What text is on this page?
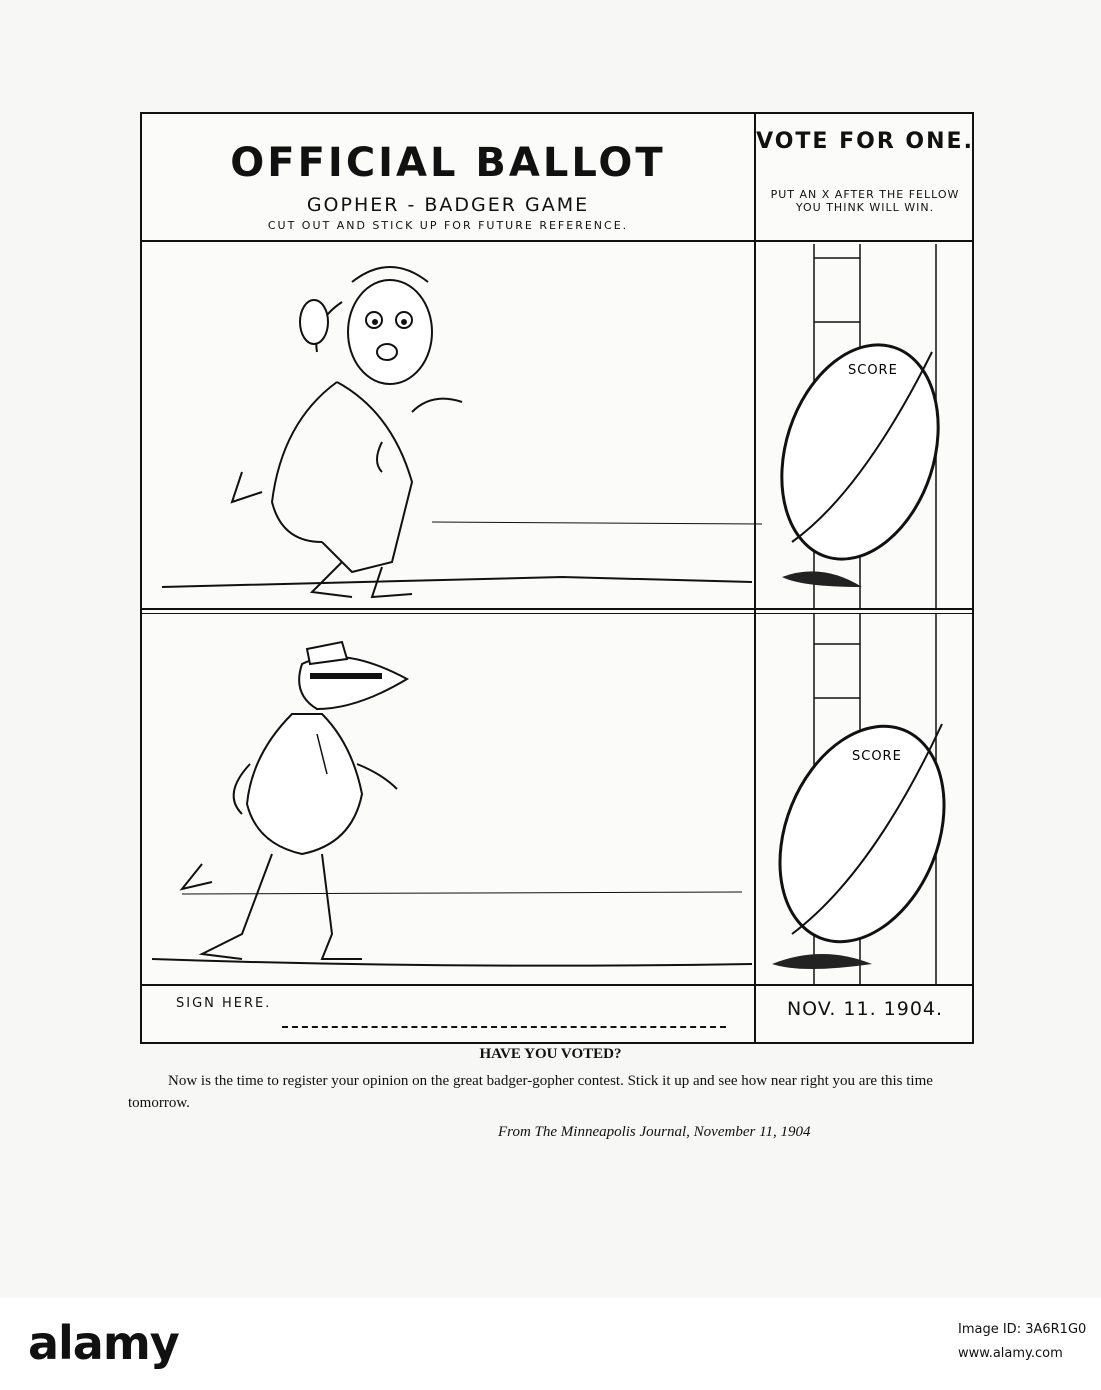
OFFICIAL BALLOT
GOPHER - BADGER GAME
CUT OUT AND STICK UP FOR FUTURE REFERENCE.
VOTE FOR ONE.
PUT AN X AFTER THE FELLOW YOU THINK WILL WIN.
SCORE
SCORE
SIGN HERE.	NOV. 11. 1904.
HAVE YOU VOTED?
Now is the time to register your opinion on the great badger-gopher contest. Stick it up and see how near right you are this time tomorrow.
From The Minneapolis Journal, November 11, 1904
alamy	Image ID: 3A6R1G0
www.alamy.com
